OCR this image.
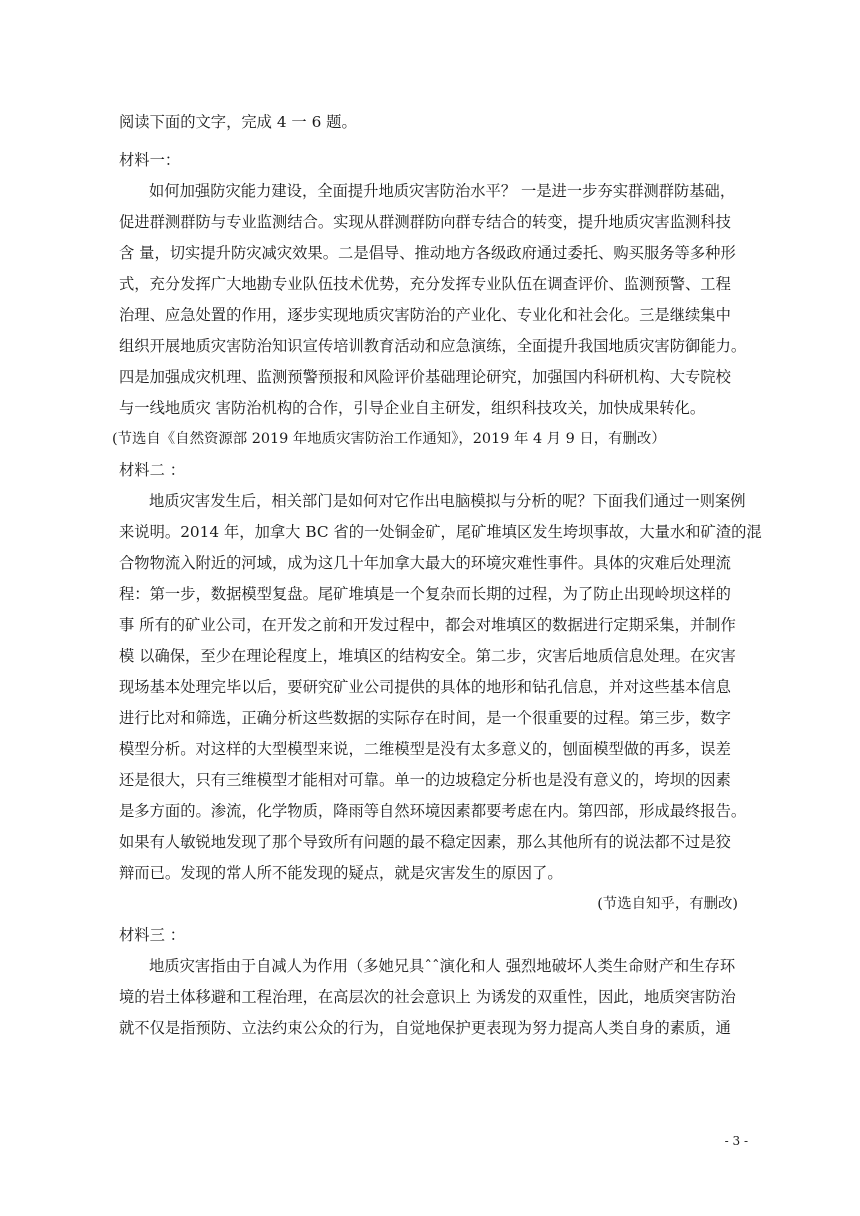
阅读下面的文字，完成 4 一 6 题。
材料一：
如何加强防灾能力建设，全面提升地质灾害防治水平？ 一是进一步夯实群测群防基础，
促进群测群防与专业监测结合。实现从群测群防向群专结合的转变，提升地质灾害监测科技
含 量，切实提升防灾减灾效果。二是倡导、推动地方各级政府通过委托、购买服务等多种形
式，充分发挥广大地勘专业队伍技术优势，充分发挥专业队伍在调查评价、监测预警、工程
治理、应急处置的作用，逐步实现地质灾害防治的产业化、专业化和社会化。三是继续集中
组织开展地质灾害防治知识宣传培训教育活动和应急演练，全面提升我国地质灾害防御能力。
四是加强成灾机理、监测预警预报和风险评价基础理论研究，加强国内科研机构、大专院校
与一线地质灾 害防治机构的合作，引导企业自主研发，组织科技攻关，加快成果转化。
(节选自《自然资源部 2019 年地质灾害防治工作通知》，2019 年 4 月 9 日，有删改）
材料二 ：
地质灾害发生后，相关部门是如何对它作出电脑模拟与分析的呢？下面我们通过一则案例
来说明。2014 年，加拿大 BC 省的一处铜金矿，尾矿堆填区发生垮坝事故，大量水和矿渣的混
合物物流入附近的河域，成为这几十年加拿大最大的环境灾难性事件。具体的灾难后处理流
程：第一步，数据模型复盘。尾矿堆填是一个复杂而长期的过程，为了防止出现岭坝这样的
事 所有的矿业公司，在开发之前和开发过程中，都会对堆填区的数据进行定期采集，并制作
模 以确保，至少在理论程度上，堆填区的结构安全。第二步，灾害后地质信息处理。在灾害
现场基本处理完毕以后，要研究矿业公司提供的具体的地形和钻孔信息，并对这些基本信息
进行比对和筛选，正确分析这些数据的实际存在时间，是一个很重要的过程。第三步，数字
模型分析。对这样的大型模型来说，二维模型是没有太多意义的，刨面模型做的再多，误差
还是很大，只有三维模型才能相对可靠。单一的边坡稳定分析也是没有意义的，垮坝的因素
是多方面的。渗流，化学物质，降雨等自然环境因素都要考虑在内。第四部，形成最终报告。
如果有人敏锐地发现了那个导致所有问题的最不稳定因素，那么其他所有的说法都不过是狡
辩而已。发现的常人所不能发现的疑点，就是灾害发生的原因了。
(节选自知乎，有删改)
材料三 ：
地质灾害指由于自减人为作用（多她兄具ˆˆ演化和人 强烈地破坏人类生命财产和生存环
境的岩土体移避和工程治理，在高层次的社会意识上 为诱发的双重性，因此，地质突害防治
就不仅是指预防、立法约束公众的行为，自觉地保护更表现为努力提高人类自身的素质，通
- 3 -
